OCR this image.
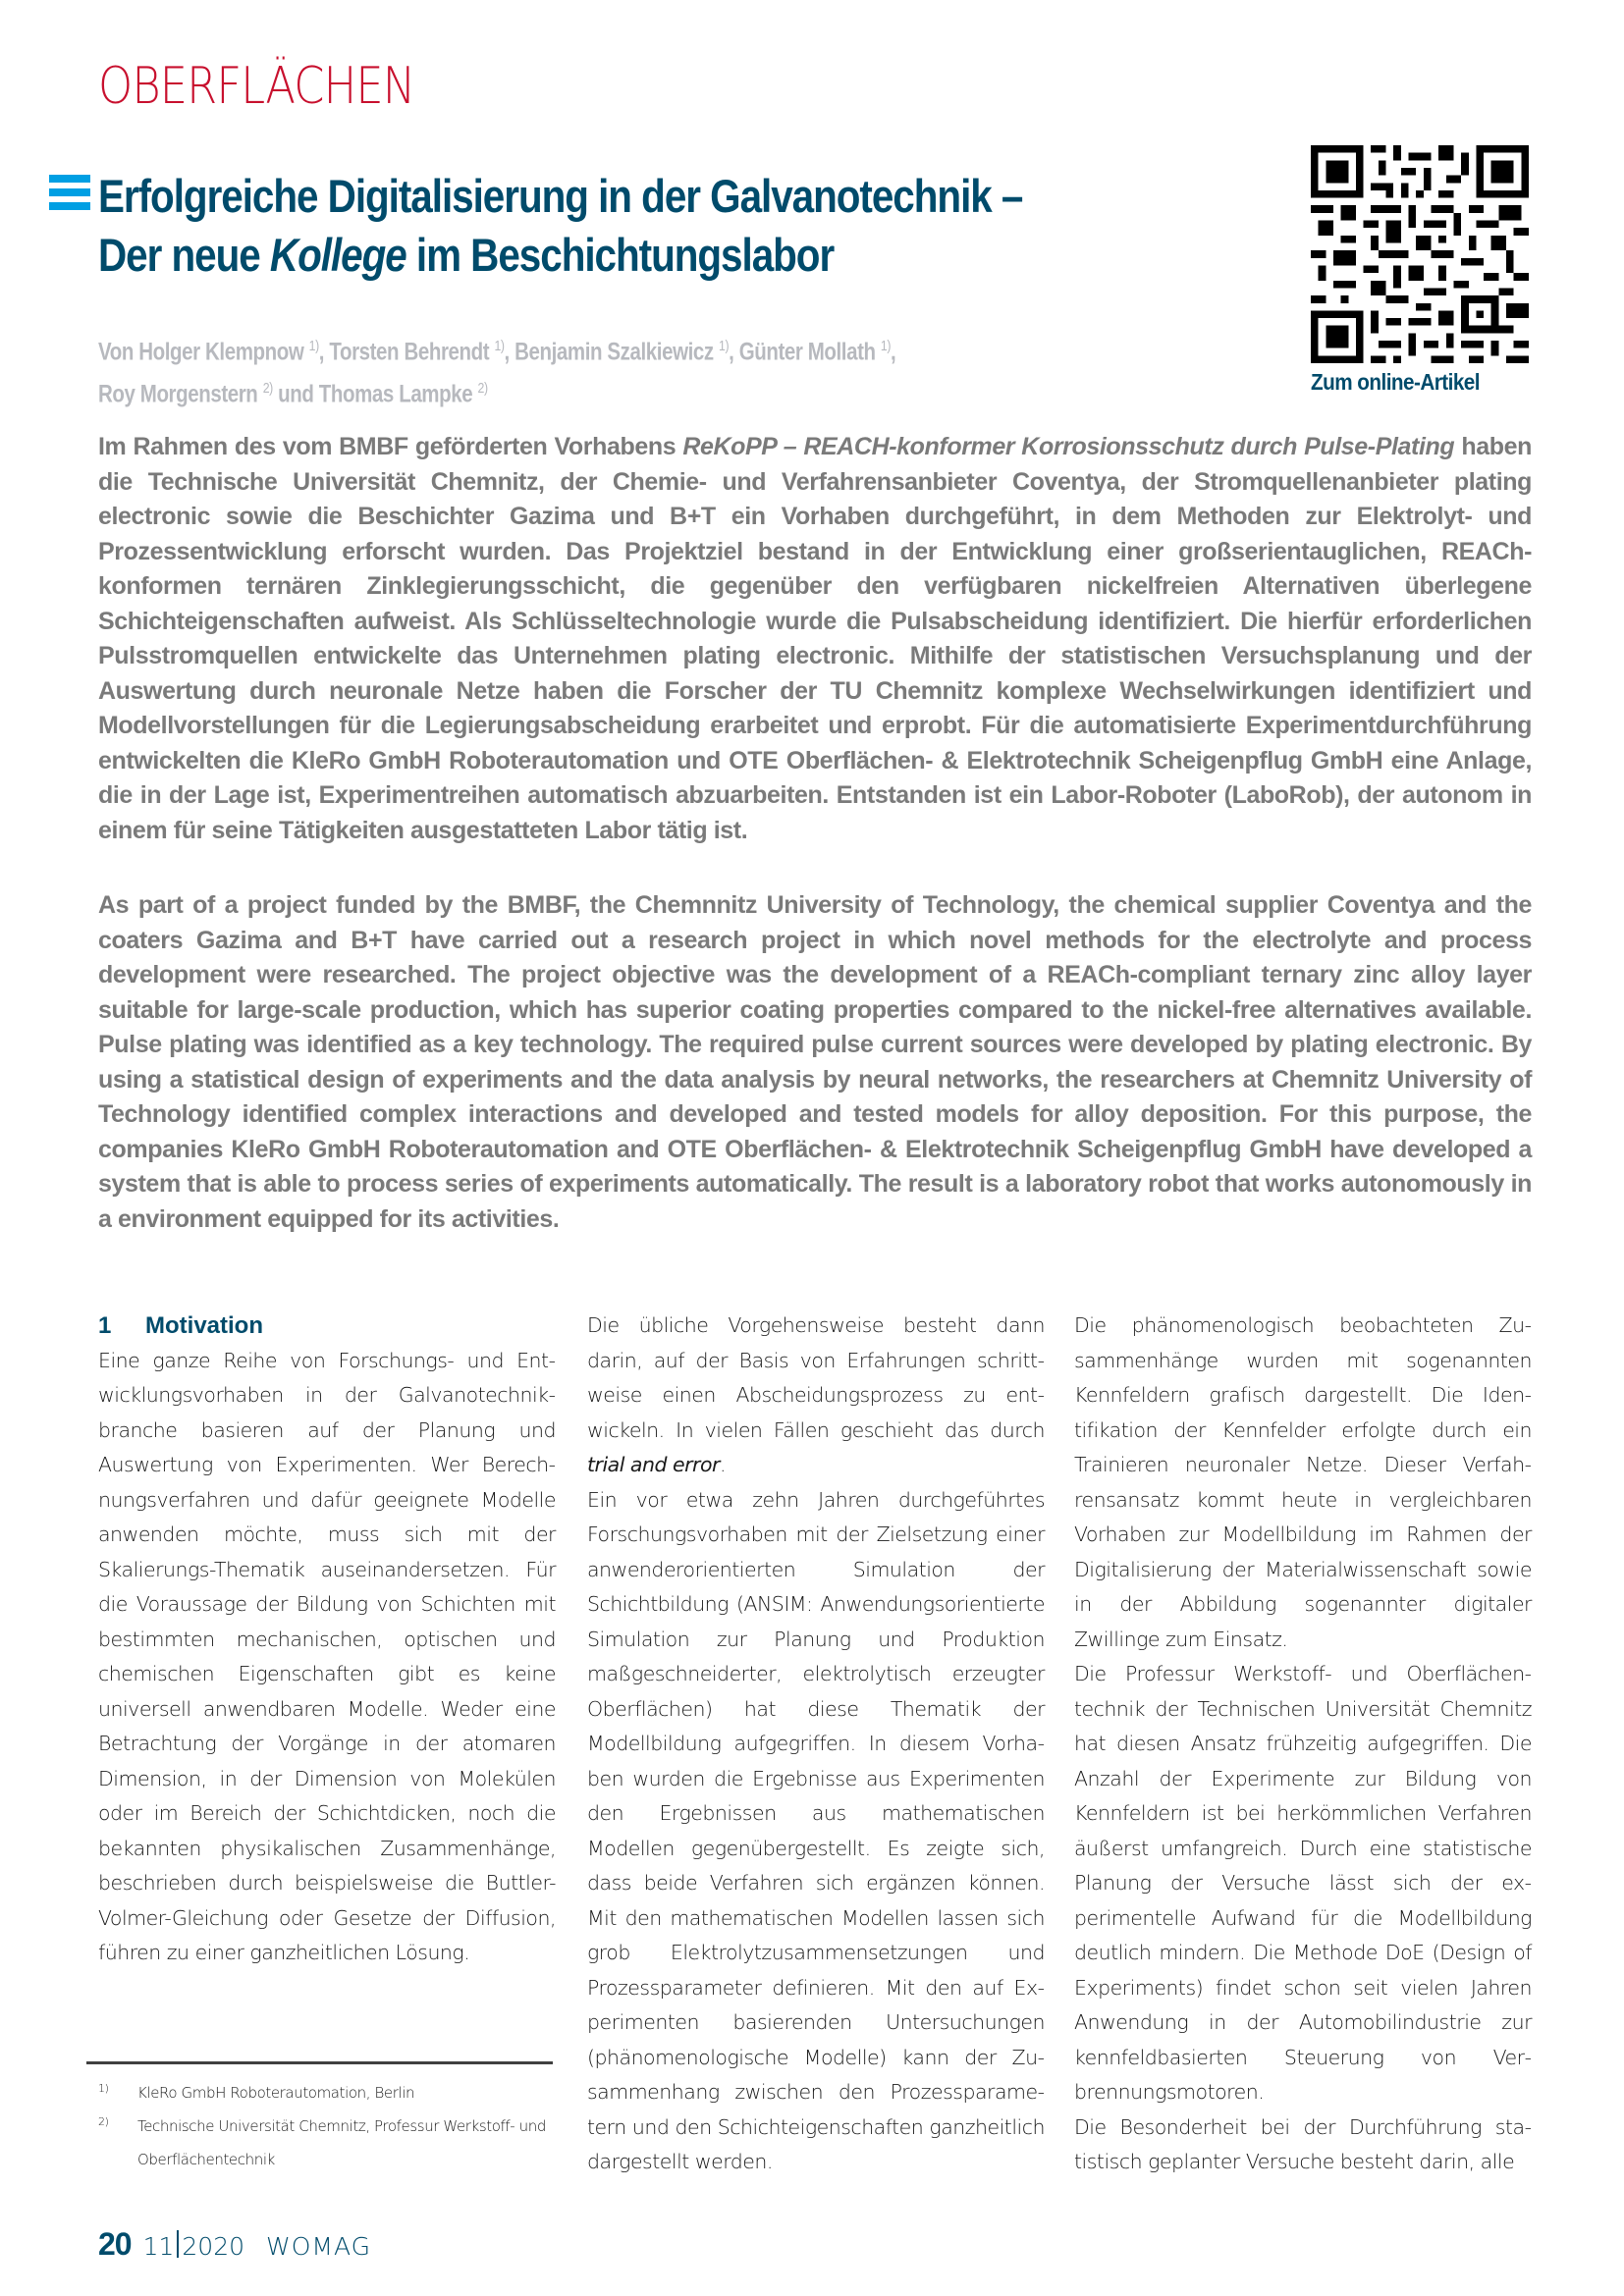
OBERFLÄCHEN
Erfolgreiche Digitalisierung in der Galvanotechnik –
Der neue Kollege im Beschichtungslabor

Von Holger Klempnow $^{1)}$, Torsten Behrendt $^{1)}$, Benjamin Szalkiewicz $^{1)}$, Günter Mollath $^{1)}$,
Roy Morgenstern $^{2)}$ und Thomas Lampke $^{2)}$	Zum online-Artikel

Im Rahmen des vom BMBF geförderten Vorhabens ReKoPP – REACH-konformer Korrosionsschutz durch Pulse-Plating haben die Technische Universität Chemnitz, der Chemie- und Verfahrensanbieter Coventya, der Stromquellenanbieter plating electronic sowie die Beschichter Gazima und B+T ein Vorhaben durchgeführt, in dem Methoden zur Elektrolyt- und Prozessentwicklung erforscht wurden. Das Projektziel bestand in der Entwicklung einer großserientauglichen, REACh-konformen ternären Zinklegierungsschicht, die gegenüber den verfügbaren nickelfreien Alternativen überlegene Schichteigenschaften aufweist. Als Schlüsseltechnologie wurde die Pulsabscheidung identifiziert. Die hierfür erforderlichen Pulsstromquellen entwickelte das Unternehmen plating electronic. Mithilfe der statistischen Versuchsplanung und der Auswertung durch neuronale Netze haben die Forscher der TU Chemnitz komplexe Wechselwirkungen identifiziert und Modellvorstellungen für die Legierungsabscheidung erarbeitet und erprobt. Für die automatisierte Experimentdurchführung entwickelten die KleRo GmbH Roboterautomation und OTE Oberflächen- & Elektrotechnik Scheigenpflug GmbH eine Anlage, die in der Lage ist, Experimentreihen automatisch abzuarbeiten. Entstanden ist ein Labor-Roboter (LaboRob), der autonom in einem für seine Tätigkeiten ausgestatteten Labor tätig ist.

As part of a project funded by the BMBF, the Chemnnitz University of Technology, the chemical supplier Coventya and the coaters Gazima and B+T have carried out a research project in which novel methods for the electrolyte and process development were researched. The project objective was the development of a REACh-compliant ternary zinc alloy layer suitable for large-scale production, which has superior coating properties compared to the nickel-free alternatives available. Pulse plating was identified as a key technology. The required pulse current sources were developed by plating electronic. By using a statistical design of experiments and the data analysis by neural networks, the researchers at Chemnitz University of Technology identified complex interactions and developed and tested models for alloy deposition. For this purpose, the companies KleRo GmbH Roboterautomation and OTE Oberflächen- & Elektrotechnik Scheigenpflug GmbH have developed a system that is able to process series of experiments automatically. The result is a laboratory robot that works autonomously in a environment equipped for its activities.

1 Motivation

Eine ganze Reihe von Forschungs- und Entwicklungsvorhaben in der Galvanotechnikbranche basieren auf der Planung und Auswertung von Experimenten. Wer Berechnungsverfahren und dafür geeignete Modelle anwenden möchte, muss sich mit der Skalierungs-Thematik auseinandersetzen. Für die Voraussage der Bildung von Schichten mit bestimmten mechanischen, optischen und chemischen Eigenschaften gibt es keine universell anwendbaren Modelle. Weder eine Betrachtung der Vorgänge in der atomaren Dimension, in der Dimension von Molekülen oder im Bereich der Schichtdicken, noch die bekannten physikalischen Zusammenhänge, beschrieben durch beispielsweise die Buttler-Volmer-Gleichung oder Gesetze der Diffusion, führen zu einer ganzheitlichen Lösung.

Die übliche Vorgehensweise besteht dann darin, auf der Basis von Erfahrungen schrittweise einen Abscheidungsprozess zu entwickeln. In vielen Fällen geschieht das durch trial and error.

Ein vor etwa zehn Jahren durchgeführtes Forschungsvorhaben mit der Zielsetzung einer anwenderorientierten Simulation der Schichtbildung (ANSIM: Anwendungsorientierte Simulation zur Planung und Produktion maßgeschneiderter, elektrolytisch erzeugter Oberflächen) hat diese Thematik der Modellbildung aufgegriffen. In diesem Vorhaben wurden die Ergebnisse aus Experimenten den Ergebnissen aus mathematischen Modellen gegenübergestellt. Es zeigte sich, dass beide Verfahren sich ergänzen können. Mit den mathematischen Modellen lassen sich grob Elektrolytzusammensetzungen und Prozessparameter definieren. Mit den auf Experimenten basierenden Untersuchungen (phänomenologische Modelle) kann der Zusammenhang zwischen den Prozessparametern und den Schichteigenschaften ganzheitlich dargestellt werden.

Die phänomenologisch beobachteten Zusammenhänge wurden mit sogenannten Kennfeldern grafisch dargestellt. Die Identifikation der Kennfelder erfolgte durch ein Trainieren neuronaler Netze. Dieser Verfahrensansatz kommt heute in vergleichbaren Vorhaben zur Modellbildung im Rahmen der Digitalisierung der Materialwissenschaft sowie in der Abbildung sogenannter digitaler Zwillinge zum Einsatz.

Die Professur Werkstoff- und Oberflächentechnik der Technischen Universität Chemnitz hat diesen Ansatz frühzeitig aufgegriffen. Die Anzahl der Experimente zur Bildung von Kennfeldern ist bei herkömmlichen Verfahren äußerst umfangreich. Durch eine statistische Planung der Versuche lässt sich der experimentelle Aufwand für die Modellbildung deutlich mindern. Die Methode DoE (Design of Experiments) findet schon seit vielen Jahren Anwendung in der Automobilindustrie zur kennfeldbasierten Steuerung von Verbrennungsmotoren.

Die Besonderheit bei der Durchführung statistisch geplanter Versuche besteht darin, alle

1)	KleRo GmbH Roboterautomation, Berlin
2)	Technische Universität Chemnitz, Professur Werkstoff- und Oberflächentechnik
20 11 2020 WOMAG
